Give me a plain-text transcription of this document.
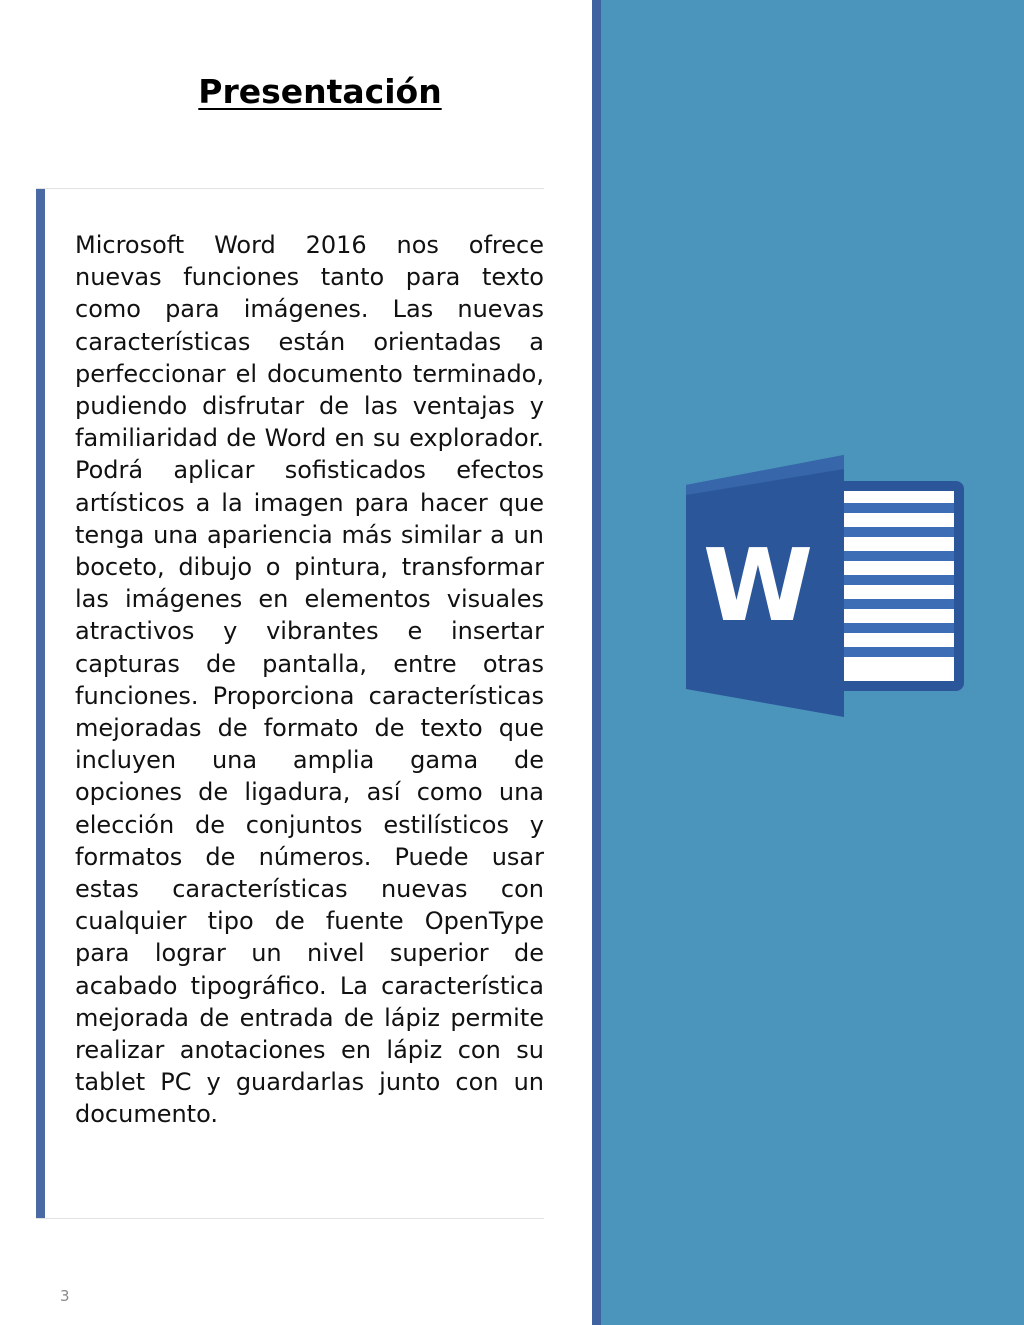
Presentación

Microsoft Word 2016 nos ofrece nuevas funciones tanto para texto como para imágenes. Las nuevas características están orientadas a perfeccionar el documento terminado, pudiendo disfrutar de las ventajas y familiaridad de Word en su explorador. Podrá aplicar sofisticados efectos artísticos a la imagen para hacer que tenga una apariencia más similar a un boceto, dibujo o pintura, transformar las imágenes en elementos visuales atractivos y vibrantes e insertar capturas de pantalla, entre otras funciones. Proporciona características mejoradas de formato de texto que incluyen una amplia gama de opciones de ligadura, así como una elección de conjuntos estilísticos y formatos de números. Puede usar estas características nuevas con cualquier tipo de fuente OpenType para lograr un nivel superior de acabado tipográfico. La característica mejorada de entrada de lápiz permite realizar anotaciones en lápiz con su tablet PC y guardarlas junto con un documento.

3
W
